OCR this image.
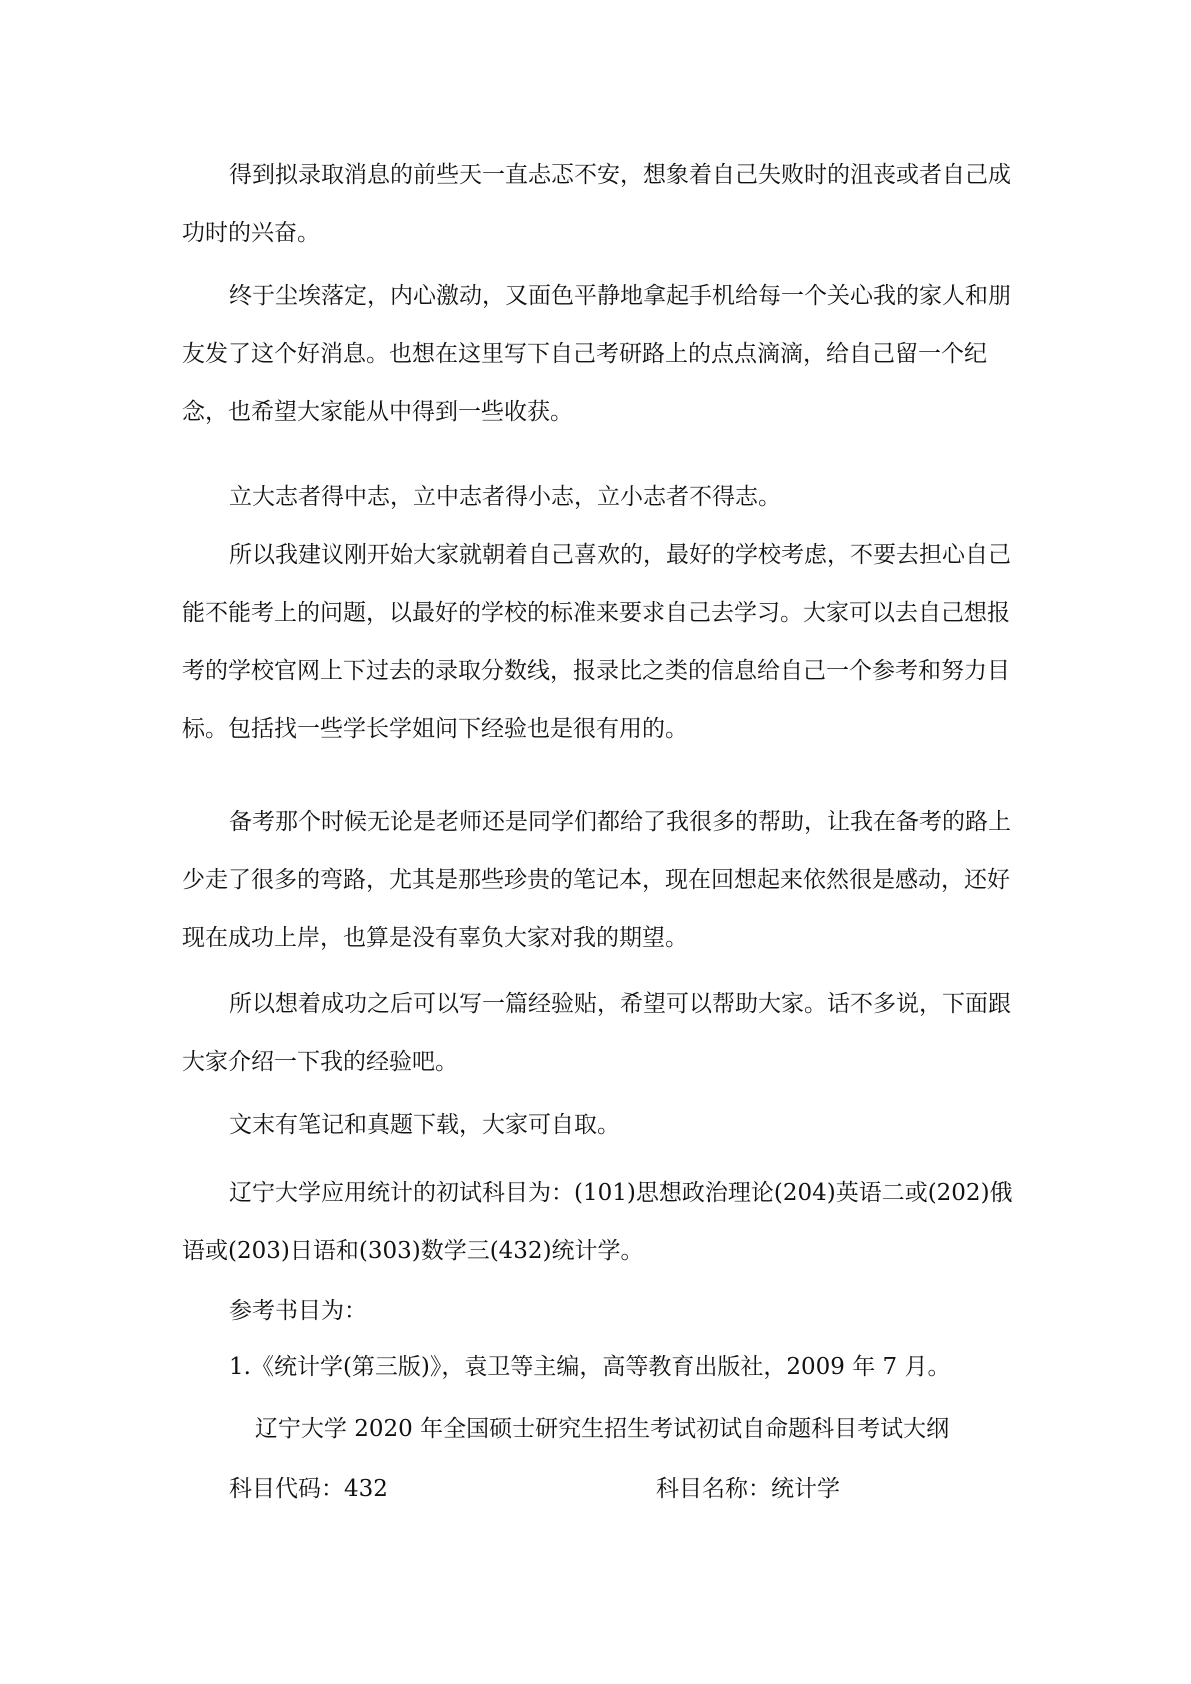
得到拟录取消息的前些天一直忐忑不安，想象着自己失败时的沮丧或者自己成功时的兴奋。

终于尘埃落定，内心激动，又面色平静地拿起手机给每一个关心我的家人和朋友发了这个好消息。也想在这里写下自己考研路上的点点滴滴，给自己留一个纪念，也希望大家能从中得到一些收获。

立大志者得中志，立中志者得小志，立小志者不得志。

所以我建议刚开始大家就朝着自己喜欢的，最好的学校考虑，不要去担心自己能不能考上的问题，以最好的学校的标准来要求自己去学习。大家可以去自己想报考的学校官网上下过去的录取分数线，报录比之类的信息给自己一个参考和努力目标。包括找一些学长学姐问下经验也是很有用的。

备考那个时候无论是老师还是同学们都给了我很多的帮助，让我在备考的路上少走了很多的弯路，尤其是那些珍贵的笔记本，现在回想起来依然很是感动，还好现在成功上岸，也算是没有辜负大家对我的期望。

所以想着成功之后可以写一篇经验贴，希望可以帮助大家。话不多说，下面跟大家介绍一下我的经验吧。

文末有笔记和真题下载，大家可自取。

辽宁大学应用统计的初试科目为：(101)思想政治理论(204)英语二或(202)俄语或(203)日语和(303)数学三(432)统计学。

参考书目为：

1.《统计学(第三版)》，袁卫等主编，高等教育出版社，2009 年 7 月。

辽宁大学 2020 年全国硕士研究生招生考试初试自命题科目考试大纲

科目代码：432	科目名称：统计学
